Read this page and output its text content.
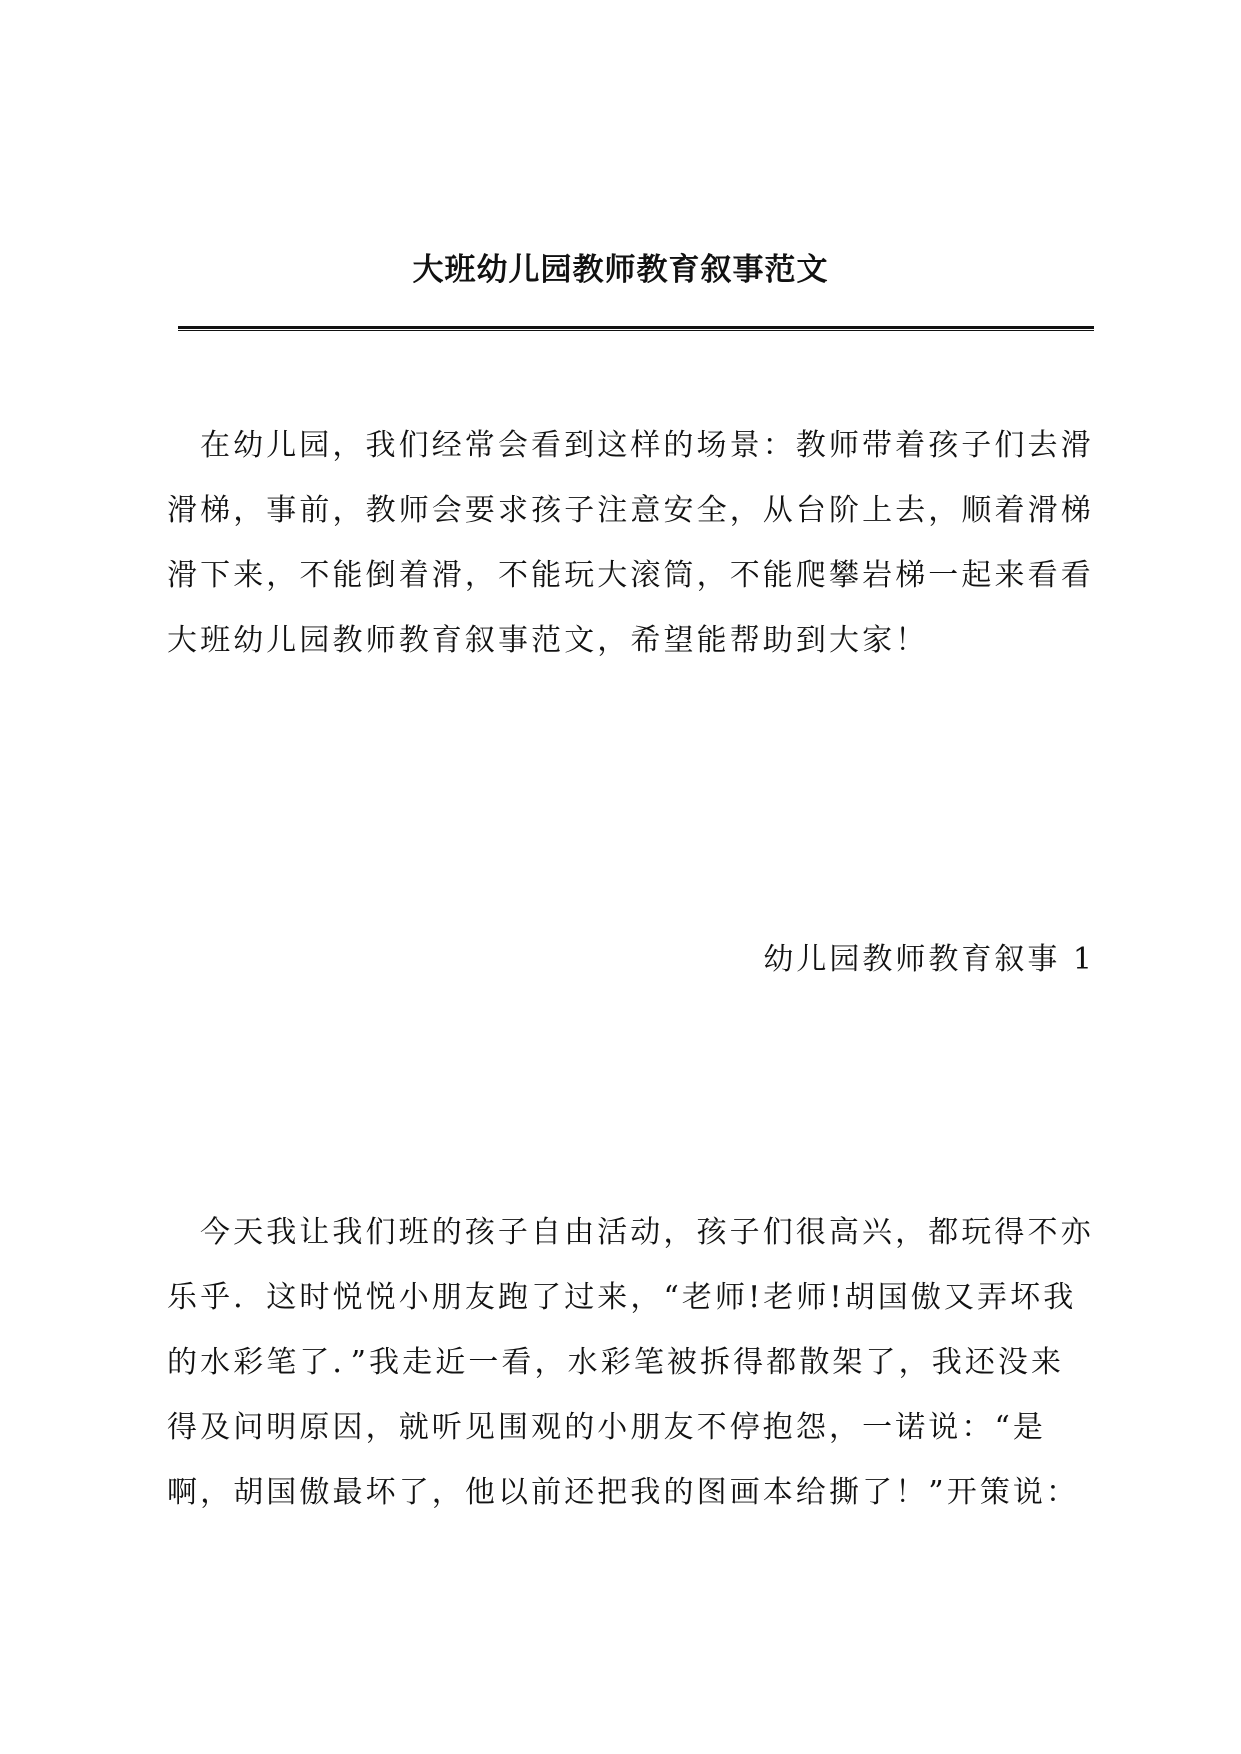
大班幼儿园教师教育叙事范文

在幼儿园，我们经常会看到这样的场景：教师带着孩子们去滑
滑梯，事前，教师会要求孩子注意安全，从台阶上去，顺着滑梯
滑下来，不能倒着滑，不能玩大滚筒，不能爬攀岩梯一起来看看
大班幼儿园教师教育叙事范文，希望能帮助到大家！

幼儿园教师教育叙事 1

今天我让我们班的孩子自由活动，孩子们很高兴，都玩得不亦
乐乎．这时悦悦小朋友跑了过来，“老师!老师!胡国傲又弄坏我
的水彩笔了．”我走近一看，水彩笔被拆得都散架了，我还没来
得及问明原因，就听见围观的小朋友不停抱怨，一诺说：“是
啊，胡国傲最坏了，他以前还把我的图画本给撕了！”开策说：
